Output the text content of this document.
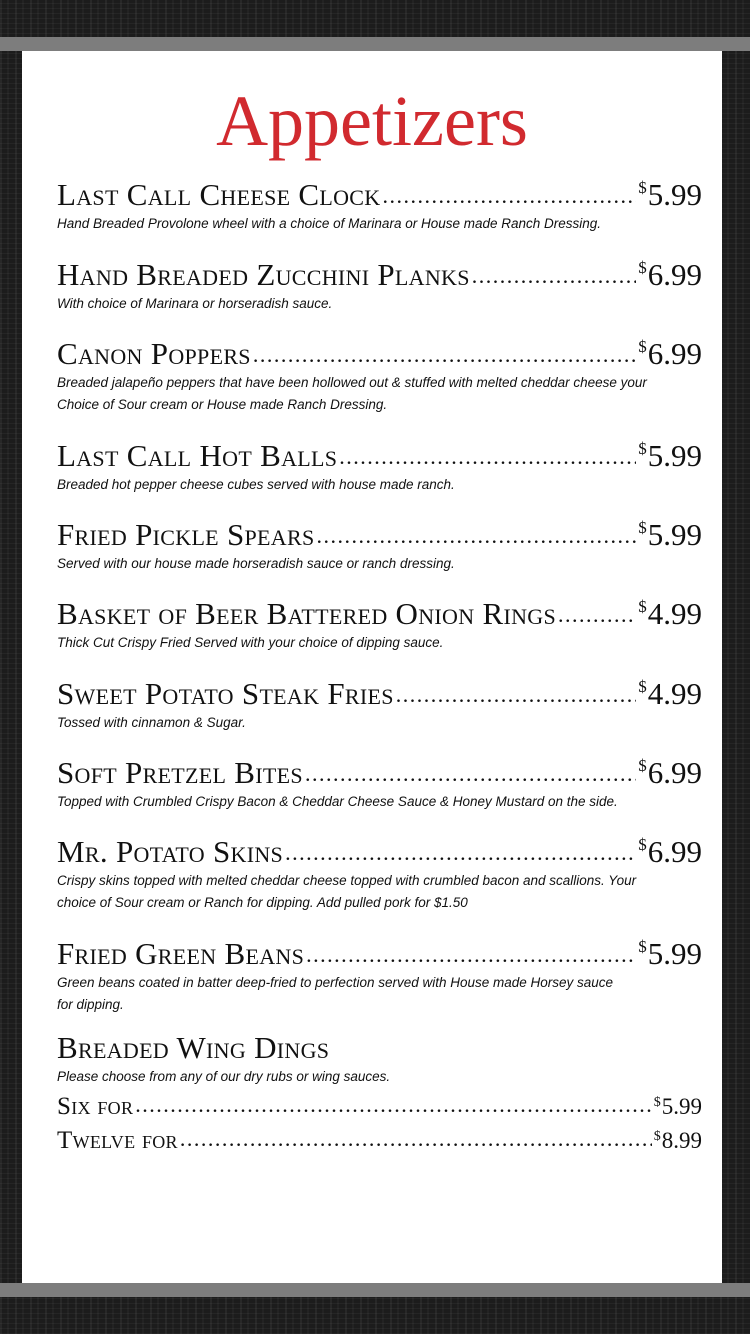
Appetizers
Last Call Cheese Clock . . .	$5.99
Hand Breaded Provolone wheel with a choice of Marinara or House made Ranch Dressing.
Hand Breaded Zucchini Planks . . .	$6.99
With choice of Marinara or horseradish sauce.
Canon Poppers . . .	$6.99
Breaded jalapeño peppers that have been hollowed out & stuffed with melted cheddar cheese your
Choice of Sour cream or House made Ranch Dressing.
Last Call Hot Balls . . .	$5.99
Breaded hot pepper cheese cubes served with house made ranch.
Fried Pickle Spears . . .	$5.99
Served with our house made horseradish sauce or ranch dressing.
Basket of Beer Battered Onion Rings . . .	$4.99
Thick Cut Crispy Fried Served with your choice of dipping sauce.
Sweet Potato Steak Fries . . .	$4.99
Tossed with cinnamon & Sugar.
Soft Pretzel Bites . . .	$6.99
Topped with Crumbled Crispy Bacon & Cheddar Cheese Sauce & Honey Mustard on the side.
Mr. Potato Skins . . .	$6.99
Crispy skins topped with melted cheddar cheese topped with crumbled bacon and scallions. Your
choice of Sour cream or Ranch for dipping. Add pulled pork for $1.50
Fried Green Beans . . .	$5.99
Green beans coated in batter deep-fried to perfection served with House made Horsey sauce
for dipping.
Breaded Wing Dings
Please choose from any of our dry rubs or wing sauces.
Six for . . .	$5.99
Twelve for . . .	$8.99
